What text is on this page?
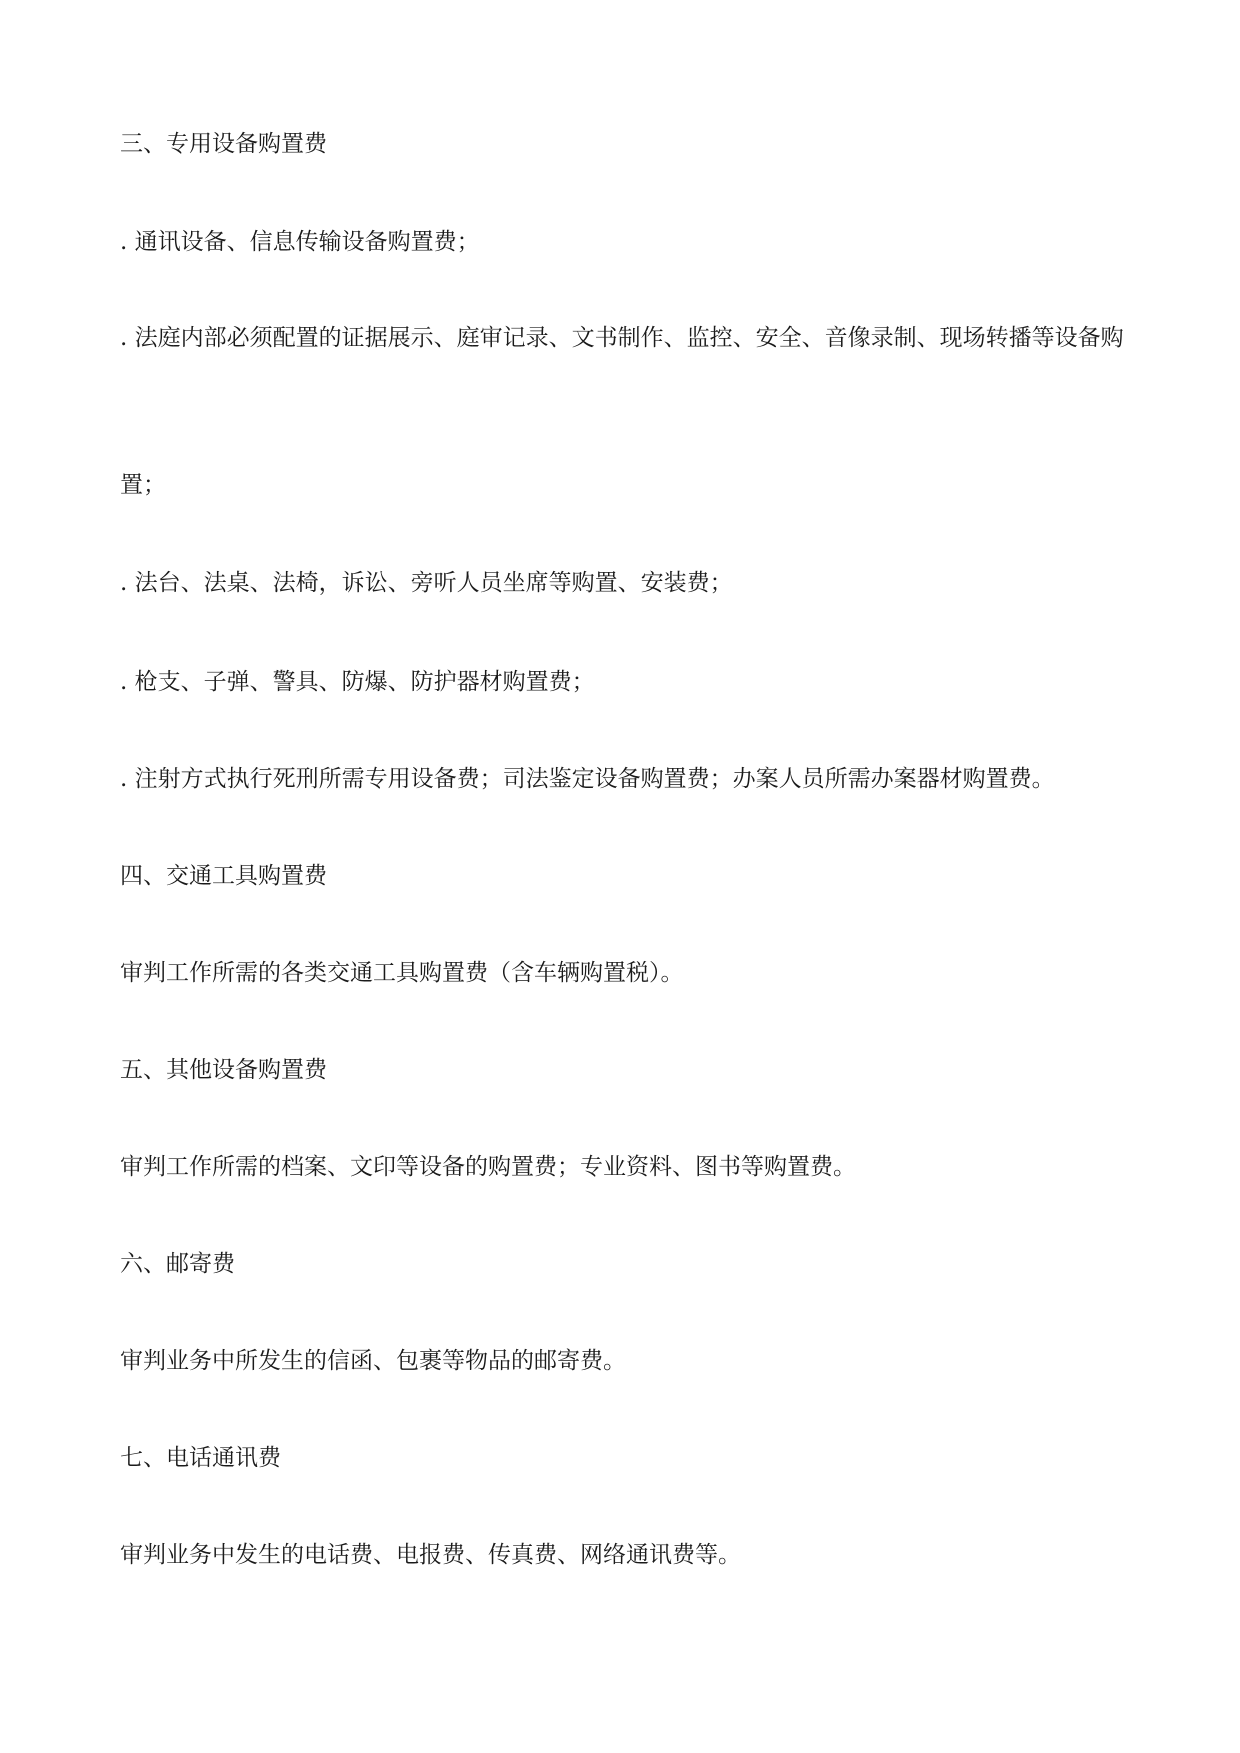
三、专用设备购置费
. 通讯设备、信息传输设备购置费；
. 法庭内部必须配置的证据展示、庭审记录、文书制作、监控、安全、音像录制、现场转播等设备购
置；
. 法台、法桌、法椅，诉讼、旁听人员坐席等购置、安装费；
. 枪支、子弹、警具、防爆、防护器材购置费；
. 注射方式执行死刑所需专用设备费；司法鉴定设备购置费；办案人员所需办案器材购置费。
四、交通工具购置费
审判工作所需的各类交通工具购置费（含车辆购置税）。
五、其他设备购置费
审判工作所需的档案、文印等设备的购置费；专业资料、图书等购置费。
六、邮寄费
审判业务中所发生的信函、包裹等物品的邮寄费。
七、电话通讯费
审判业务中发生的电话费、电报费、传真费、网络通讯费等。
